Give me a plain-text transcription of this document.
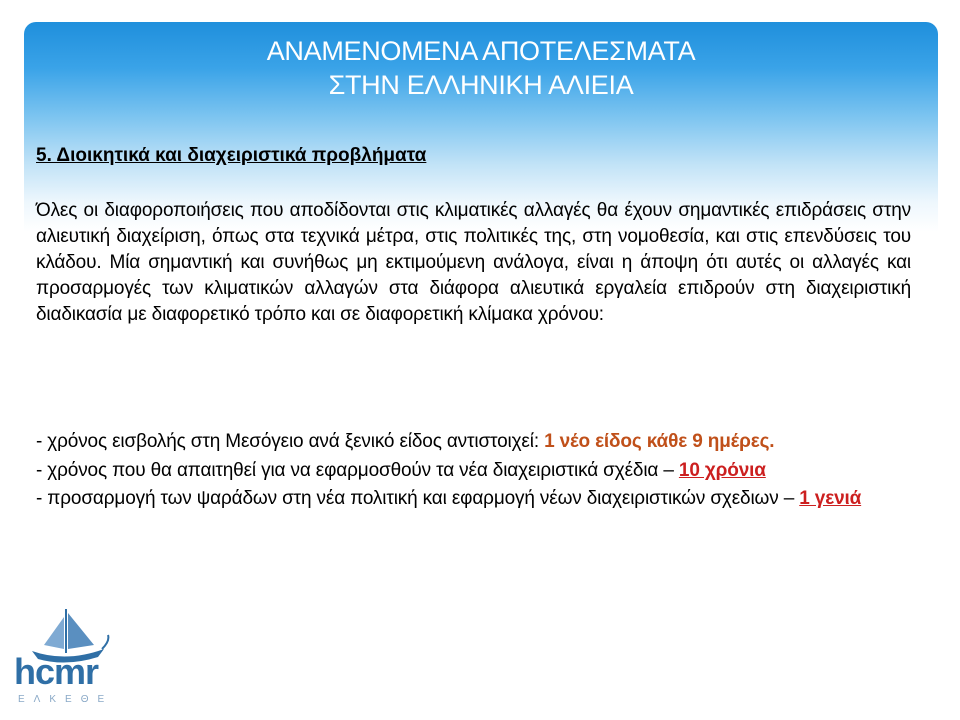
ΑΝΑΜΕΝΟΜΕΝΑ ΑΠΟΤΕΛΕΣΜΑΤΑ
ΣΤΗΝ ΕΛΛΗΝΙΚΗ ΑΛΙΕΙΑ
5. Διοικητικά και διαχειριστικά προβλήματα
Όλες οι διαφοροποιήσεις που αποδίδονται στις κλιματικές αλλαγές θα έχουν σημαντικές επιδράσεις στην αλιευτική διαχείριση, όπως στα τεχνικά μέτρα, στις πολιτικές της, στη νομοθεσία, και στις επενδύσεις του κλάδου. Μία σημαντική και συνήθως μη εκτιμούμενη ανάλογα, είναι η άποψη ότι αυτές οι αλλαγές και προσαρμογές των κλιματικών αλλαγών στα διάφορα αλιευτικά εργαλεία επιδρούν στη διαχειριστική διαδικασία με διαφορετικό τρόπο και σε διαφορετική κλίμακα χρόνου:

- χρόνος εισβολής στη Μεσόγειο ανά ξενικό είδος αντιστοιχεί: 1 νέο είδος κάθε 9 ημέρες.

- χρόνος που θα απαιτηθεί για να εφαρμοσθούν τα νέα διαχειριστικά σχέδια – 10 χρόνια

- προσαρμογή των ψαράδων στη νέα πολιτική και εφαρμογή νέων διαχειριστικών σχεδιων – 1 γενιά

hcmr
ΕΛΚΕΘΕ
